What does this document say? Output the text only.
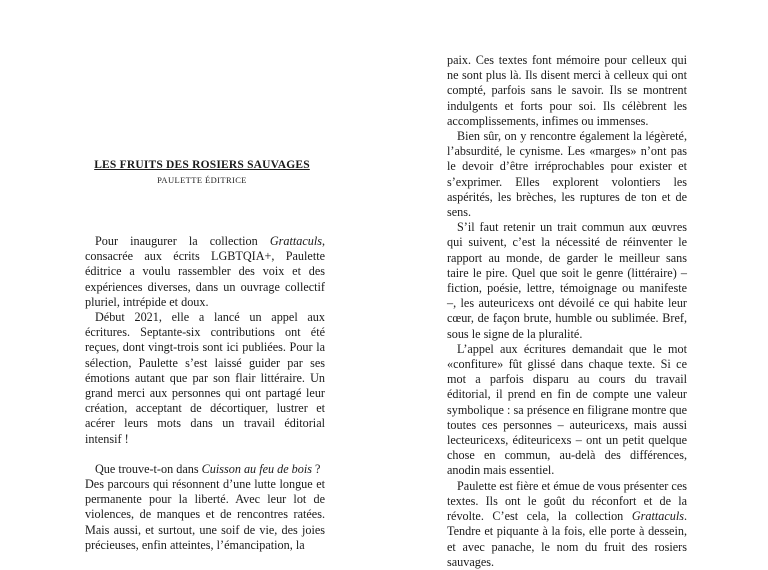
LES FRUITS DES ROSIERS SAUVAGES
PAULETTE ÉDITRICE

Pour inaugurer la collection Grattaculs, consacrée aux écrits LGBTQIA+, Paulette éditrice a voulu rassembler des voix et des expériences diverses, dans un ouvrage collectif pluriel, intrépide et doux.

Début 2021, elle a lancé un appel aux écritures. Septante-six contributions ont été reçues, dont vingt-trois sont ici publiées. Pour la sélection, Paulette s’est laissé guider par ses émotions autant que par son flair littéraire. Un grand merci aux personnes qui ont partagé leur création, acceptant de décortiquer, lustrer et acérer leurs mots dans un travail éditorial intensif !

Que trouve-t-on dans Cuisson au feu de bois ?

Des parcours qui résonnent d’une lutte longue et permanente pour la liberté. Avec leur lot de violences, de manques et de rencontres ratées. Mais aussi, et surtout, une soif de vie, des joies précieuses, enfin atteintes, l’émancipation, la

paix. Ces textes font mémoire pour celleux qui ne sont plus là. Ils disent merci à celleux qui ont compté, parfois sans le savoir. Ils se montrent indulgents et forts pour soi. Ils célèbrent les accomplissements, infimes ou immenses.

Bien sûr, on y rencontre également la légèreté, l’absurdité, le cynisme. Les «marges» n’ont pas le devoir d’être irréprochables pour exister et s’exprimer. Elles explorent volontiers les aspérités, les brèches, les ruptures de ton et de sens.

S’il faut retenir un trait commun aux œuvres qui suivent, c’est la nécessité de réinventer le rapport au monde, de garder le meilleur sans taire le pire. Quel que soit le genre (littéraire) – fiction, poésie, lettre, témoignage ou manifeste –, les auteuricexs ont dévoilé ce qui habite leur cœur, de façon brute, humble ou sublimée. Bref, sous le signe de la pluralité.

L’appel aux écritures demandait que le mot «confiture» fût glissé dans chaque texte. Si ce mot a parfois disparu au cours du travail éditorial, il prend en fin de compte une valeur symbolique : sa présence en filigrane montre que toutes ces personnes – auteuricexs, mais aussi lecteuricexs, éditeuricexs – ont un petit quelque chose en commun, au-delà des différences, anodin mais essentiel.

Paulette est fière et émue de vous présenter ces textes. Ils ont le goût du réconfort et de la révolte. C’est cela, la collection Grattaculs. Tendre et piquante à la fois, elle porte à dessein, et avec panache, le nom du fruit des rosiers sauvages.
